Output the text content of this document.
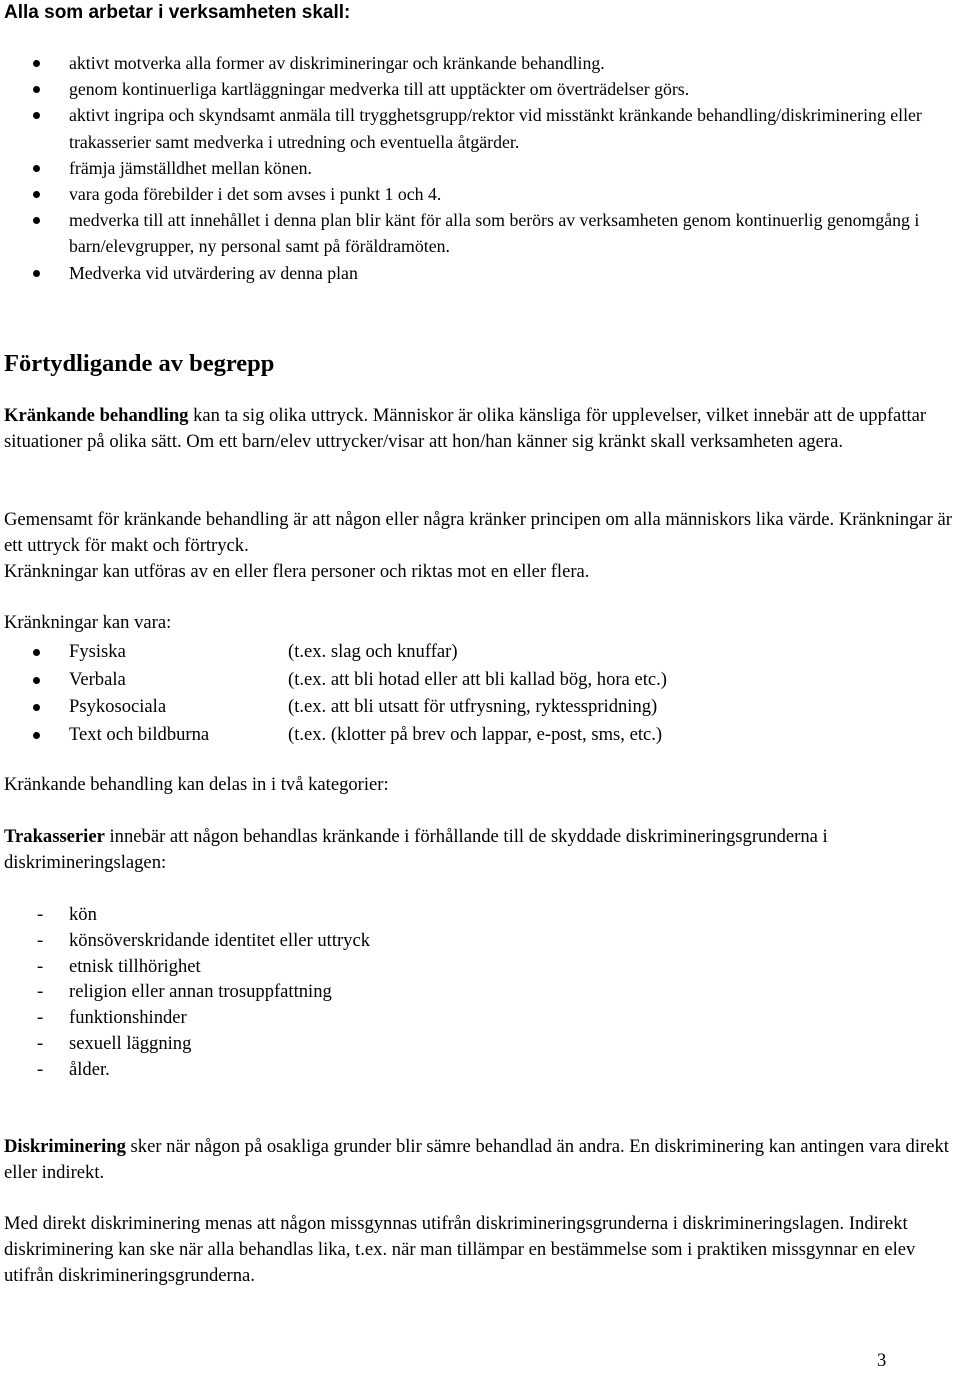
Alla som arbetar i verksamheten skall:
aktivt motverka alla former av diskrimineringar och kränkande behandling.
genom kontinuerliga kartläggningar medverka till att upptäckter om överträdelser görs.
aktivt ingripa och skyndsamt anmäla till trygghetsgrupp/rektor vid misstänkt kränkande behandling/diskriminering eller trakasserier samt medverka i utredning och eventuella åtgärder.
främja jämställdhet mellan könen.
vara goda förebilder i det som avses i punkt 1 och 4.
medverka till att innehållet i denna plan blir känt för alla som berörs av verksamheten genom kontinuerlig genomgång i barn/elevgrupper, ny personal samt på föräldramöten.
Medverka vid utvärdering av denna plan
Förtydligande av begrepp

Kränkande behandling kan ta sig olika uttryck. Människor är olika känsliga för upplevelser, vilket innebär att de uppfattar situationer på olika sätt. Om ett barn/elev uttrycker/visar att hon/han känner sig kränkt skall verksamheten agera.

Gemensamt för kränkande behandling är att någon eller några kränker principen om alla människors lika värde. Kränkningar är ett uttryck för makt och förtryck.
Kränkningar kan utföras av en eller flera personer och riktas mot en eller flera.

Kränkningar kan vara:

Fysiska	(t.ex. slag och knuffar)
Verbala	(t.ex. att bli hotad eller att bli kallad bög, hora etc.)
Psykosociala	(t.ex. att bli utsatt för utfrysning, ryktesspridning)
Text och bildburna	(t.ex. (klotter på brev och lappar, e-post, sms, etc.)

Kränkande behandling kan delas in i två kategorier:

Trakasserier innebär att någon behandlas kränkande i förhållande till de skyddade diskrimineringsgrunderna i diskrimineringslagen:

- kön
- könsöverskridande identitet eller uttryck
- etnisk tillhörighet
- religion eller annan trosuppfattning
- funktionshinder
- sexuell läggning
- ålder.

Diskriminering sker när någon på osakliga grunder blir sämre behandlad än andra. En diskriminering kan antingen vara direkt eller indirekt.

Med direkt diskriminering menas att någon missgynnas utifrån diskrimineringsgrunderna i diskrimineringslagen. Indirekt diskriminering kan ske när alla behandlas lika, t.ex. när man tillämpar en bestämmelse som i praktiken missgynnar en elev utifrån diskrimineringsgrunderna.

3
